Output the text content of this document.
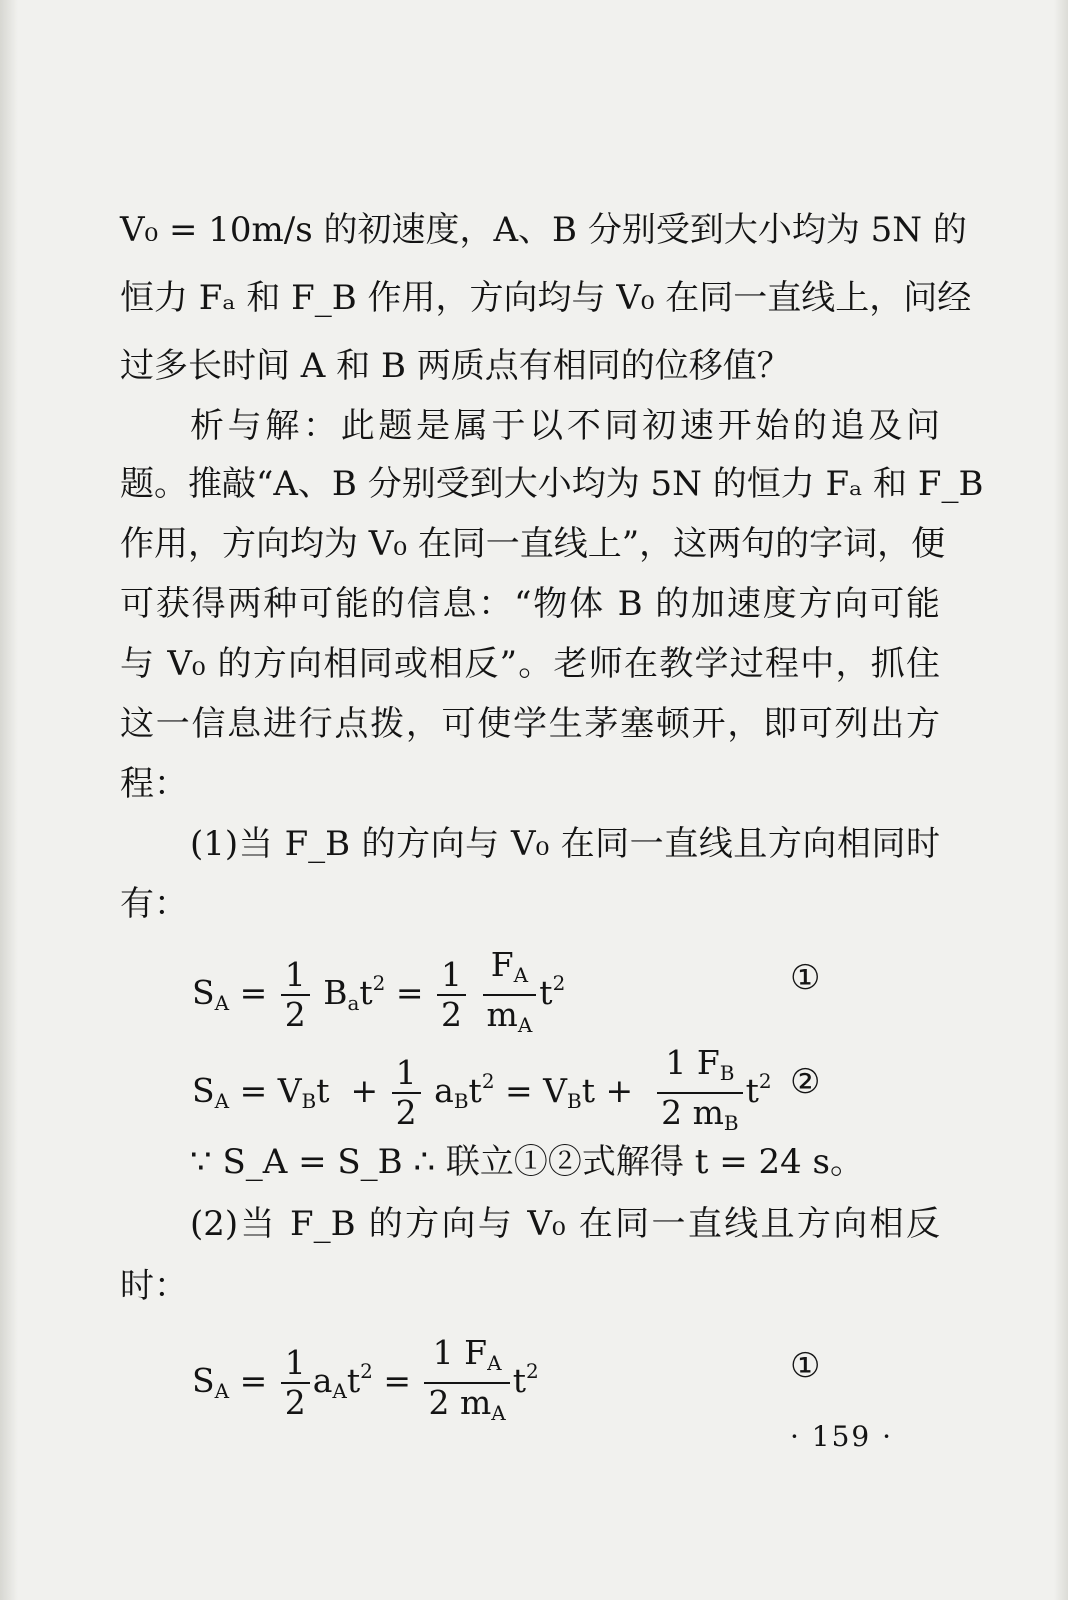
V₀ = 10m/s 的初速度，A、B 分别受到大小均为 5N 的
恒力 Fₐ 和 F_B 作用，方向均与 V₀ 在同一直线上，问经
过多长时间 A 和 B 两质点有相同的位移值？
析与解：此题是属于以不同初速开始的追及问
题。推敲“A、B 分别受到大小均为 5N 的恒力 Fₐ 和 F_B
作用，方向均为 V₀ 在同一直线上”，这两句的字词，便
可获得两种可能的信息：“物体 B 的加速度方向可能
与 V₀ 的方向相同或相反”。老师在教学过程中，抓住
这一信息进行点拨，可使学生茅塞顿开，即可列出方
程：
(1)当 F_B 的方向与 V₀ 在同一直线且方向相同时
有：
$S_A = \frac{1}{2} B_at^2 = \frac{1}{2}$
$\frac{F_A}{m_A} t^2$	①
$S_A = V_Bt + \frac{1}{2} a_Bt^2 = V_Bt + \frac{1 F_B}{2 m_B} t^2$ ②
∵ S_A = S_B ∴ 联立①②式解得 t = 24 s。
(2)当 F_B 的方向与 V₀ 在同一直线且方向相反
时：
$S_A = \frac{1}{2} a_At^2 = \frac{1 F_A}{2 m_A} t^2$	①
· 159 ·
